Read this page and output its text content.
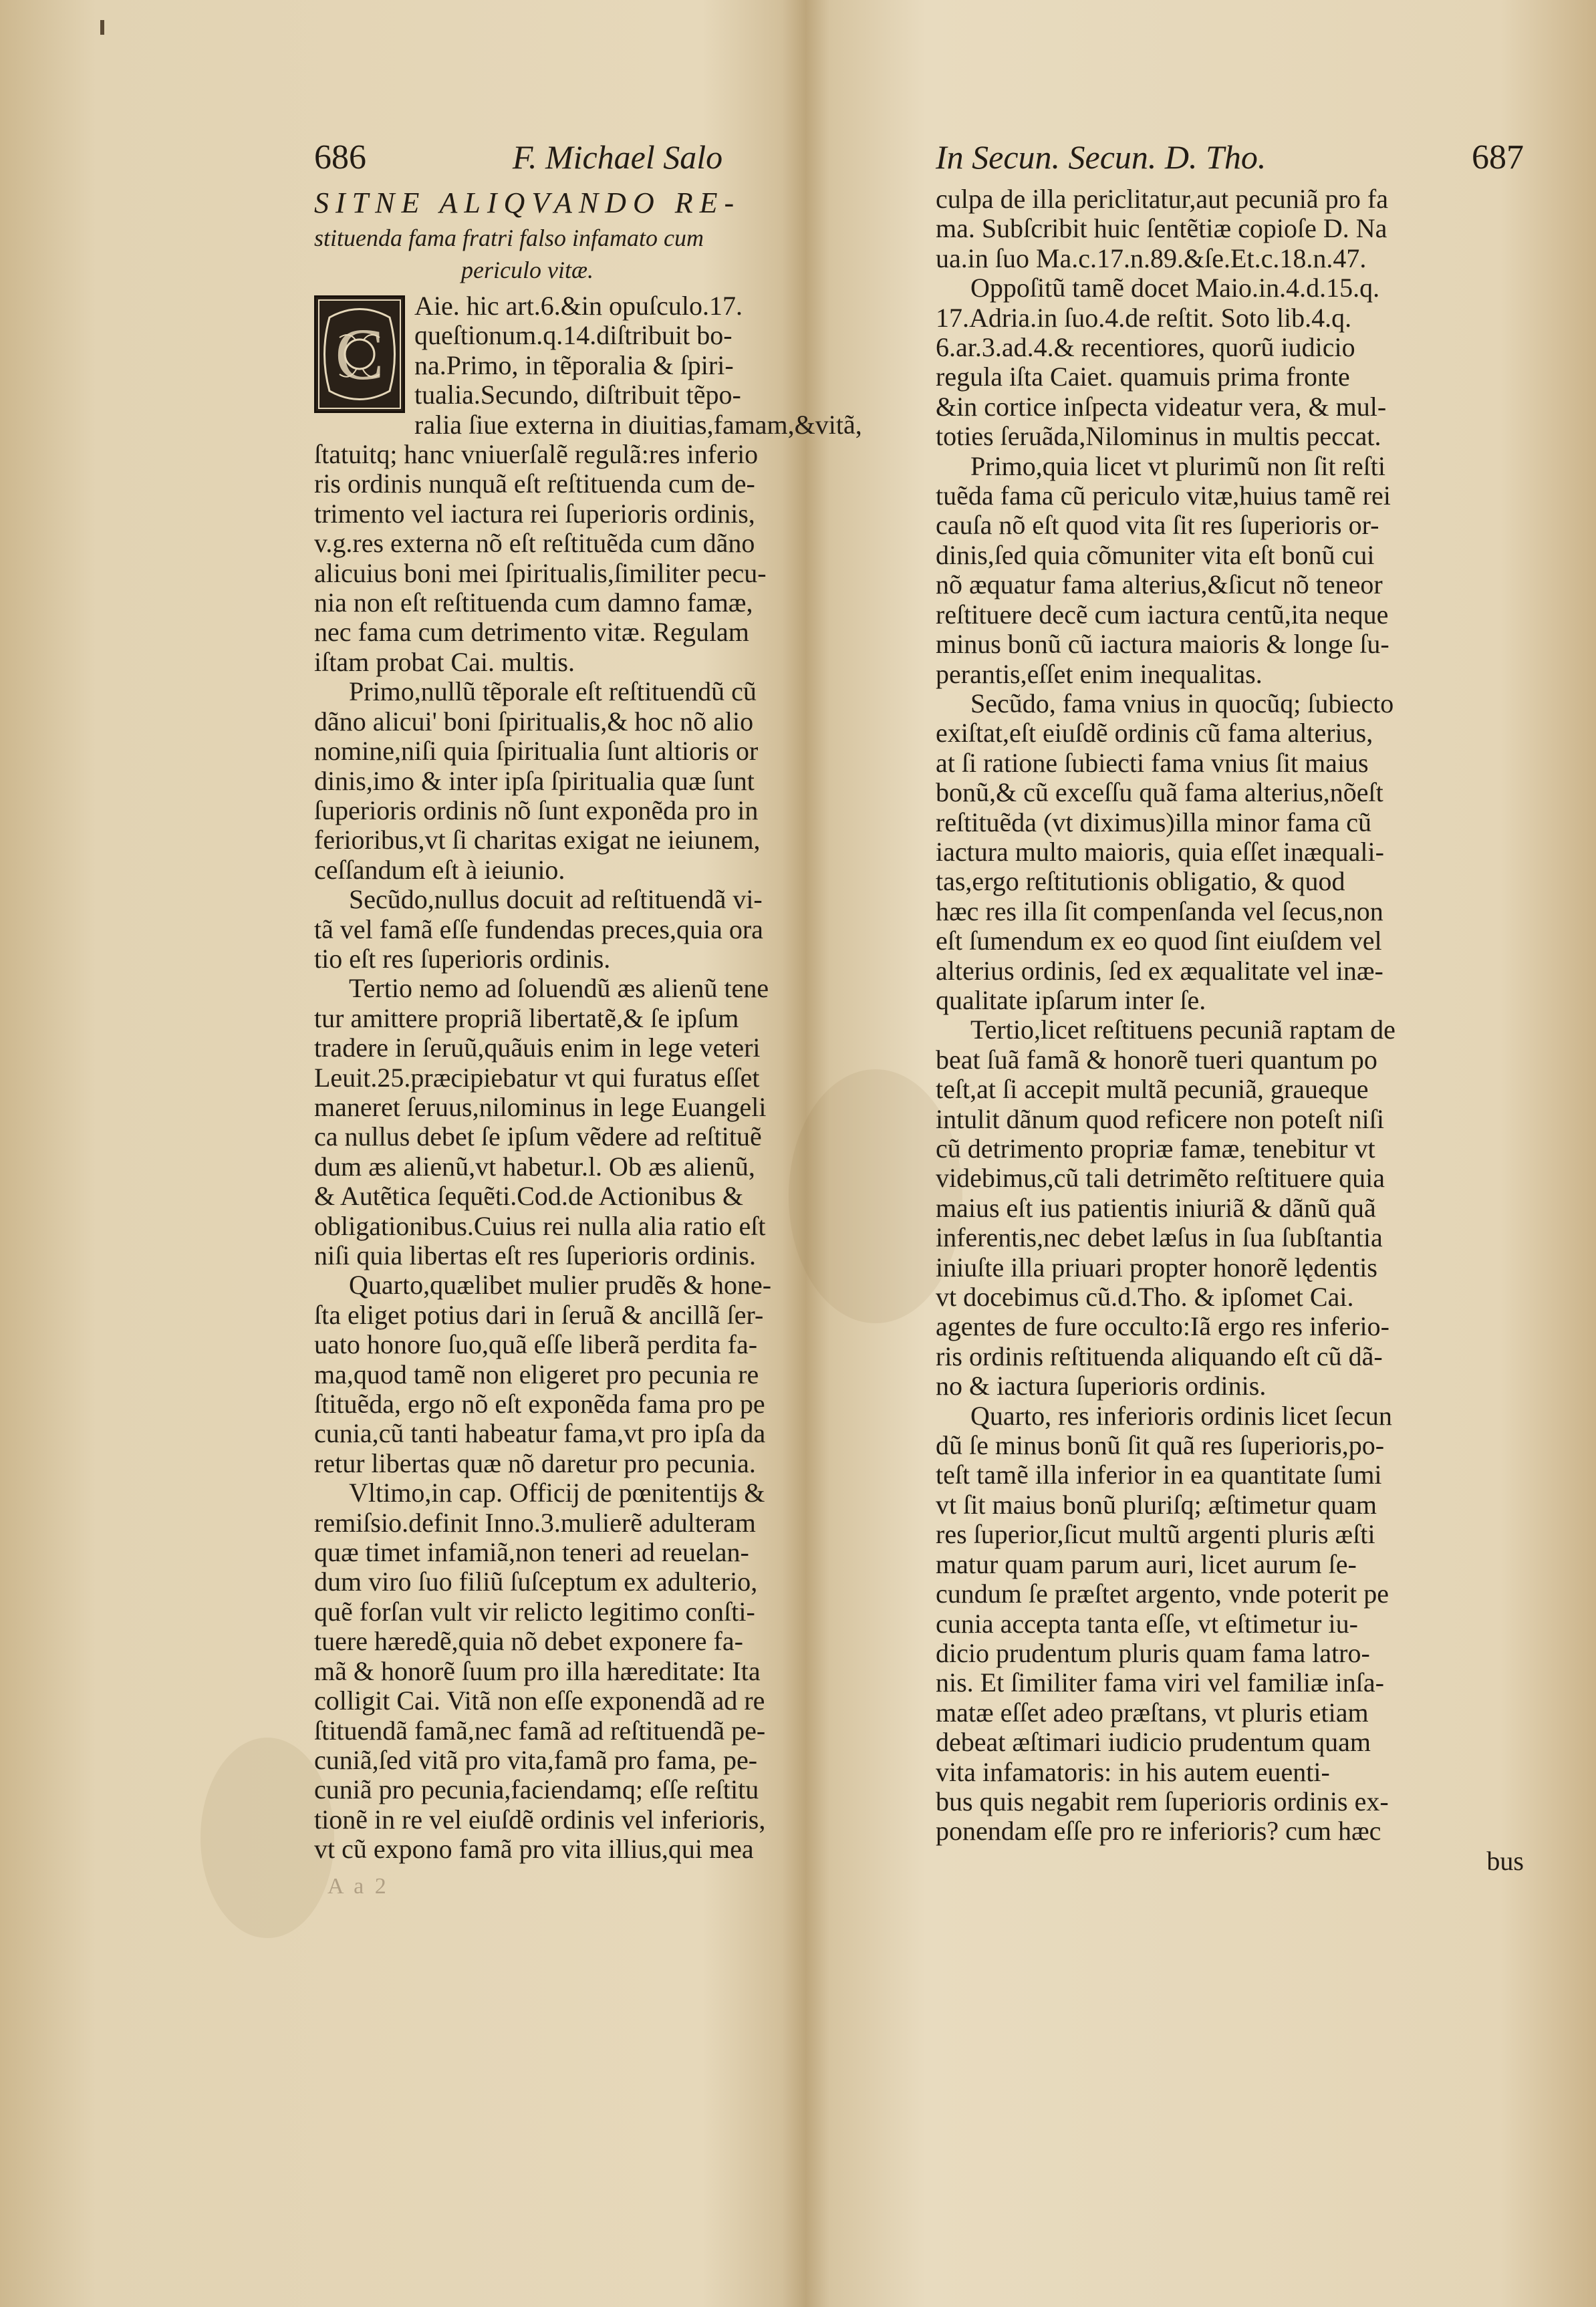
686	F. Michael Salo
SITNE ALIQVANDO RE-
stituenda fama fratri falso infamato cum
periculo vitæ.
C
Aie. hic art.6.&in opuſculo.17.
queſtionum.q.14.diſtribuit bo-
na.Primo, in tẽporalia & ſpiri-
tualia.Secundo, diſtribuit tẽpo-
ralia ſiue externa in diuitias,famam,&vitã,
ſtatuitq; hanc vniuerſalẽ regulã:res inferio
ris ordinis nunquã eſt reſtituenda cum de-
trimento vel iactura rei ſuperioris ordinis,
v.g.res externa nõ eſt reſtituẽda cum dãno
alicuius boni mei ſpiritualis,ſimiliter pecu-
nia non eſt reſtituenda cum damno famæ,
nec fama cum detrimento vitæ. Regulam
iſtam probat Cai. multis.
Primo,nullũ tẽporale eſt reſtituendũ cũ
dãno alicui' boni ſpiritualis,& hoc nõ alio
nomine,niſi quia ſpiritualia ſunt altioris or
dinis,imo & inter ipſa ſpiritualia quæ ſunt
ſuperioris ordinis nõ ſunt exponẽda pro in
ferioribus,vt ſi charitas exigat ne ieiunem,
ceſſandum eſt à ieiunio.
Secũdo,nullus docuit ad reſtituendã vi-
tã vel famã eſſe fundendas preces,quia ora
tio eſt res ſuperioris ordinis.
Tertio nemo ad ſoluendũ æs alienũ tene
tur amittere propriã libertatẽ,& ſe ipſum
tradere in ſeruũ,quãuis enim in lege veteri
Leuit.25.præcipiebatur vt qui furatus eſſet
maneret ſeruus,nilominus in lege Euangeli
ca nullus debet ſe ipſum vẽdere ad reſtituẽ
dum æs alienũ,vt habetur.l. Ob æs alienũ,
& Autẽtica ſequẽti.Cod.de Actionibus &
obligationibus.Cuius rei nulla alia ratio eſt
niſi quia libertas eſt res ſuperioris ordinis.
Quarto,quælibet mulier prudẽs & hone-
ſta eliget potius dari in ſeruã & ancillã ſer-
uato honore ſuo,quã eſſe liberã perdita fa-
ma,quod tamẽ non eligeret pro pecunia re
ſtituẽda, ergo nõ eſt exponẽda fama pro pe
cunia,cũ tanti habeatur fama,vt pro ipſa da
retur libertas quæ nõ daretur pro pecunia.
Vltimo,in cap. Officij de pœnitentijs &
remiſsio.definit Inno.3.mulierẽ adulteram
quæ timet infamiã,non teneri ad reuelan-
dum viro ſuo filiũ ſuſceptum ex adulterio,
quẽ forſan vult vir relicto legitimo conſti-
tuere hæredẽ,quia nõ debet exponere fa-
mã & honorẽ ſuum pro illa hæreditate: Ita
colligit Cai. Vitã non eſſe exponendã ad re
ſtituendã famã,nec famã ad reſtituendã pe-
cuniã,ſed vitã pro vita,famã pro fama, pe-
cuniã pro pecunia,faciendamq; eſſe reſtitu
tionẽ in re vel eiuſdẽ ordinis vel inferioris,
vt cũ expono famã pro vita illius,qui mea
A a 2
In Secun. Secun. D. Tho.	687
culpa de illa periclitatur,aut pecuniã pro fa
ma. Subſcribit huic ſentẽtiæ copioſe D. Na
ua.in ſuo Ma.c.17.n.89.&ſe.Et.c.18.n.47.
Oppoſitũ tamẽ docet Maio.in.4.d.15.q.
17.Adria.in ſuo.4.de reſtit. Soto lib.4.q.
6.ar.3.ad.4.& recentiores, quorũ iudicio
regula iſta Caiet. quamuis prima fronte
&in cortice inſpecta videatur vera, & mul-
toties ſeruãda,Nilominus in multis peccat.
Primo,quia licet vt plurimũ non ſit reſti
tuẽda fama cũ periculo vitæ,huius tamẽ rei
cauſa nõ eſt quod vita ſit res ſuperioris or-
dinis,ſed quia cõmuniter vita eſt bonũ cui
nõ æquatur fama alterius,&ſicut nõ teneor
reſtituere decẽ cum iactura centũ,ita neque
minus bonũ cũ iactura maioris & longe ſu-
perantis,eſſet enim inequalitas.
Secũdo, fama vnius in quocũq; ſubiecto
exiſtat,eſt eiuſdẽ ordinis cũ fama alterius,
at ſi ratione ſubiecti fama vnius ſit maius
bonũ,& cũ exceſſu quã fama alterius,nõeſt
reſtituẽda (vt diximus)illa minor fama cũ
iactura multo maioris, quia eſſet inæquali-
tas,ergo reſtitutionis obligatio, & quod
hæc res illa ſit compenſanda vel ſecus,non
eſt ſumendum ex eo quod ſint eiuſdem vel
alterius ordinis, ſed ex æqualitate vel inæ-
qualitate ipſarum inter ſe.
Tertio,licet reſtituens pecuniã raptam de
beat ſuã famã & honorẽ tueri quantum po
teſt,at ſi accepit multã pecuniã, graueque
intulit dãnum quod reficere non poteſt niſi
cũ detrimento propriæ famæ, tenebitur vt
videbimus,cũ tali detrimẽto reſtituere quia
maius eſt ius patientis iniuriã & dãnũ quã
inferentis,nec debet læſus in ſua ſubſtantia
iniuſte illa priuari propter honorẽ lędentis
vt docebimus cũ.d.Tho. & ipſomet Cai.
agentes de fure occulto:Iã ergo res inferio-
ris ordinis reſtituenda aliquando eſt cũ dã-
no & iactura ſuperioris ordinis.
Quarto, res inferioris ordinis licet ſecun
dũ ſe minus bonũ ſit quã res ſuperioris,po-
teſt tamẽ illa inferior in ea quantitate ſumi
vt ſit maius bonũ pluriſq; æſtimetur quam
res ſuperior,ſicut multũ argenti pluris æſti
matur quam parum auri, licet aurum ſe-
cundum ſe præſtet argento, vnde poterit pe
cunia accepta tanta eſſe, vt eſtimetur iu-
dicio prudentum pluris quam fama latro-
nis. Et ſimiliter fama viri vel familiæ inſa-
matæ eſſet adeo præſtans, vt pluris etiam
debeat æſtimari iudicio prudentum quam
vita infamatoris: in his autem euenti-
bus quis negabit rem ſuperioris ordinis ex-
ponendam eſſe pro re inferioris? cum hæc
bus
